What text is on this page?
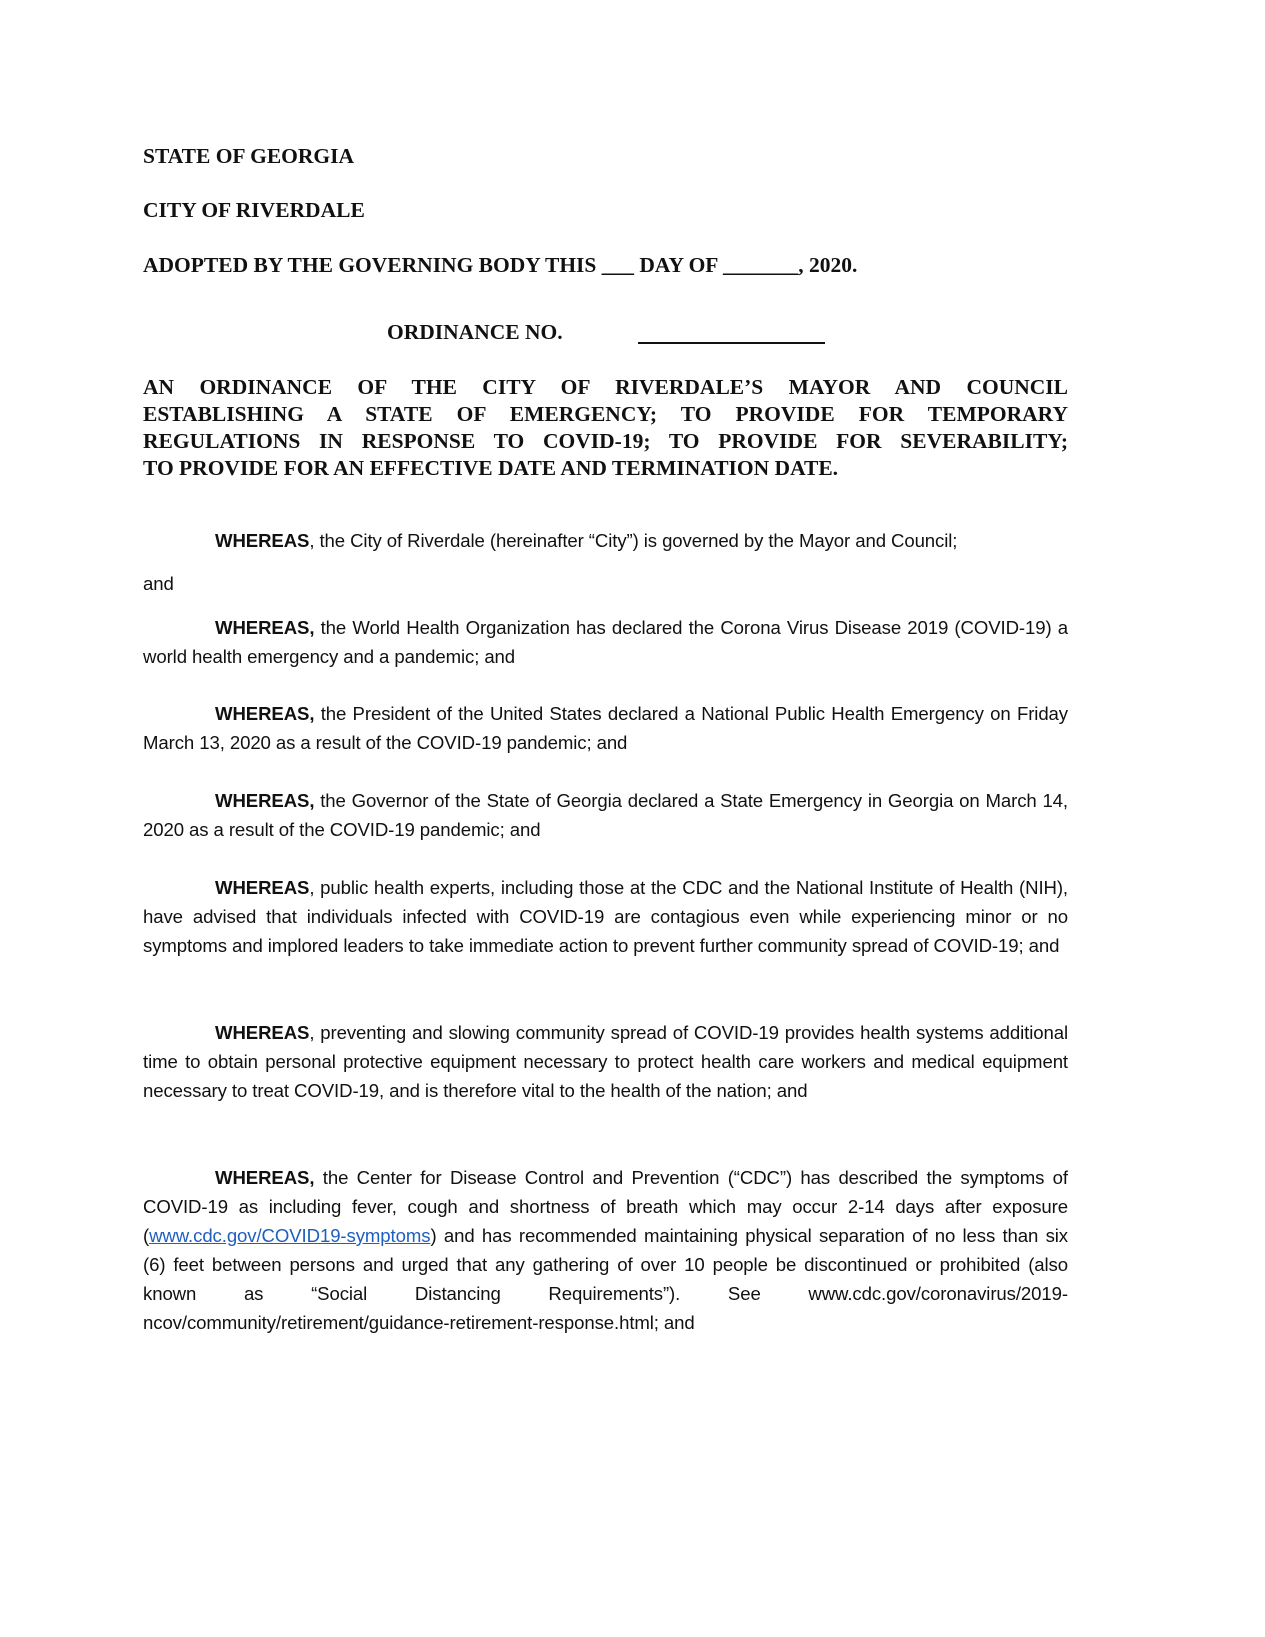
STATE OF GEORGIA
CITY OF RIVERDALE
ADOPTED BY THE GOVERNING BODY THIS ___ DAY OF _______, 2020.
ORDINANCE NO.
AN ORDINANCE OF THE CITY OF RIVERDALE’S MAYOR AND COUNCIL
ESTABLISHING A STATE OF EMERGENCY; TO PROVIDE FOR TEMPORARY
REGULATIONS IN RESPONSE TO COVID-19; TO PROVIDE FOR SEVERABILITY;
TO PROVIDE FOR AN EFFECTIVE DATE AND TERMINATION DATE.
WHEREAS, the City of Riverdale (hereinafter “City”) is governed by the Mayor and Council;
and
WHEREAS, the World Health Organization has declared the Corona Virus Disease 2019 (COVID-19) a world health emergency and a pandemic; and
WHEREAS, the President of the United States declared a National Public Health Emergency on Friday March 13, 2020 as a result of the COVID-19 pandemic; and
WHEREAS, the Governor of the State of Georgia declared a State Emergency in Georgia on March 14, 2020 as a result of the COVID-19 pandemic; and
WHEREAS, public health experts, including those at the CDC and the National Institute of Health (NIH), have advised that individuals infected with COVID-19 are contagious even while experiencing minor or no symptoms and implored leaders to take immediate action to prevent further community spread of COVID-19; and
WHEREAS, preventing and slowing community spread of COVID-19 provides health systems additional time to obtain personal protective equipment necessary to protect health care workers and medical equipment necessary to treat COVID-19, and is therefore vital to the health of the nation; and
WHEREAS, the Center for Disease Control and Prevention (“CDC”) has described the symptoms of COVID-19 as including fever, cough and shortness of breath which may occur 2-14 days after exposure (www.cdc.gov/COVID19-symptoms) and has recommended maintaining physical separation of no less than six (6) feet between persons and urged that any gathering of over 10 people be discontinued or prohibited (also known as “Social Distancing Requirements”). See	www.cdc.gov/coronavirus/2019-ncov/community/retirement/guidance-retirement-response.html; and
